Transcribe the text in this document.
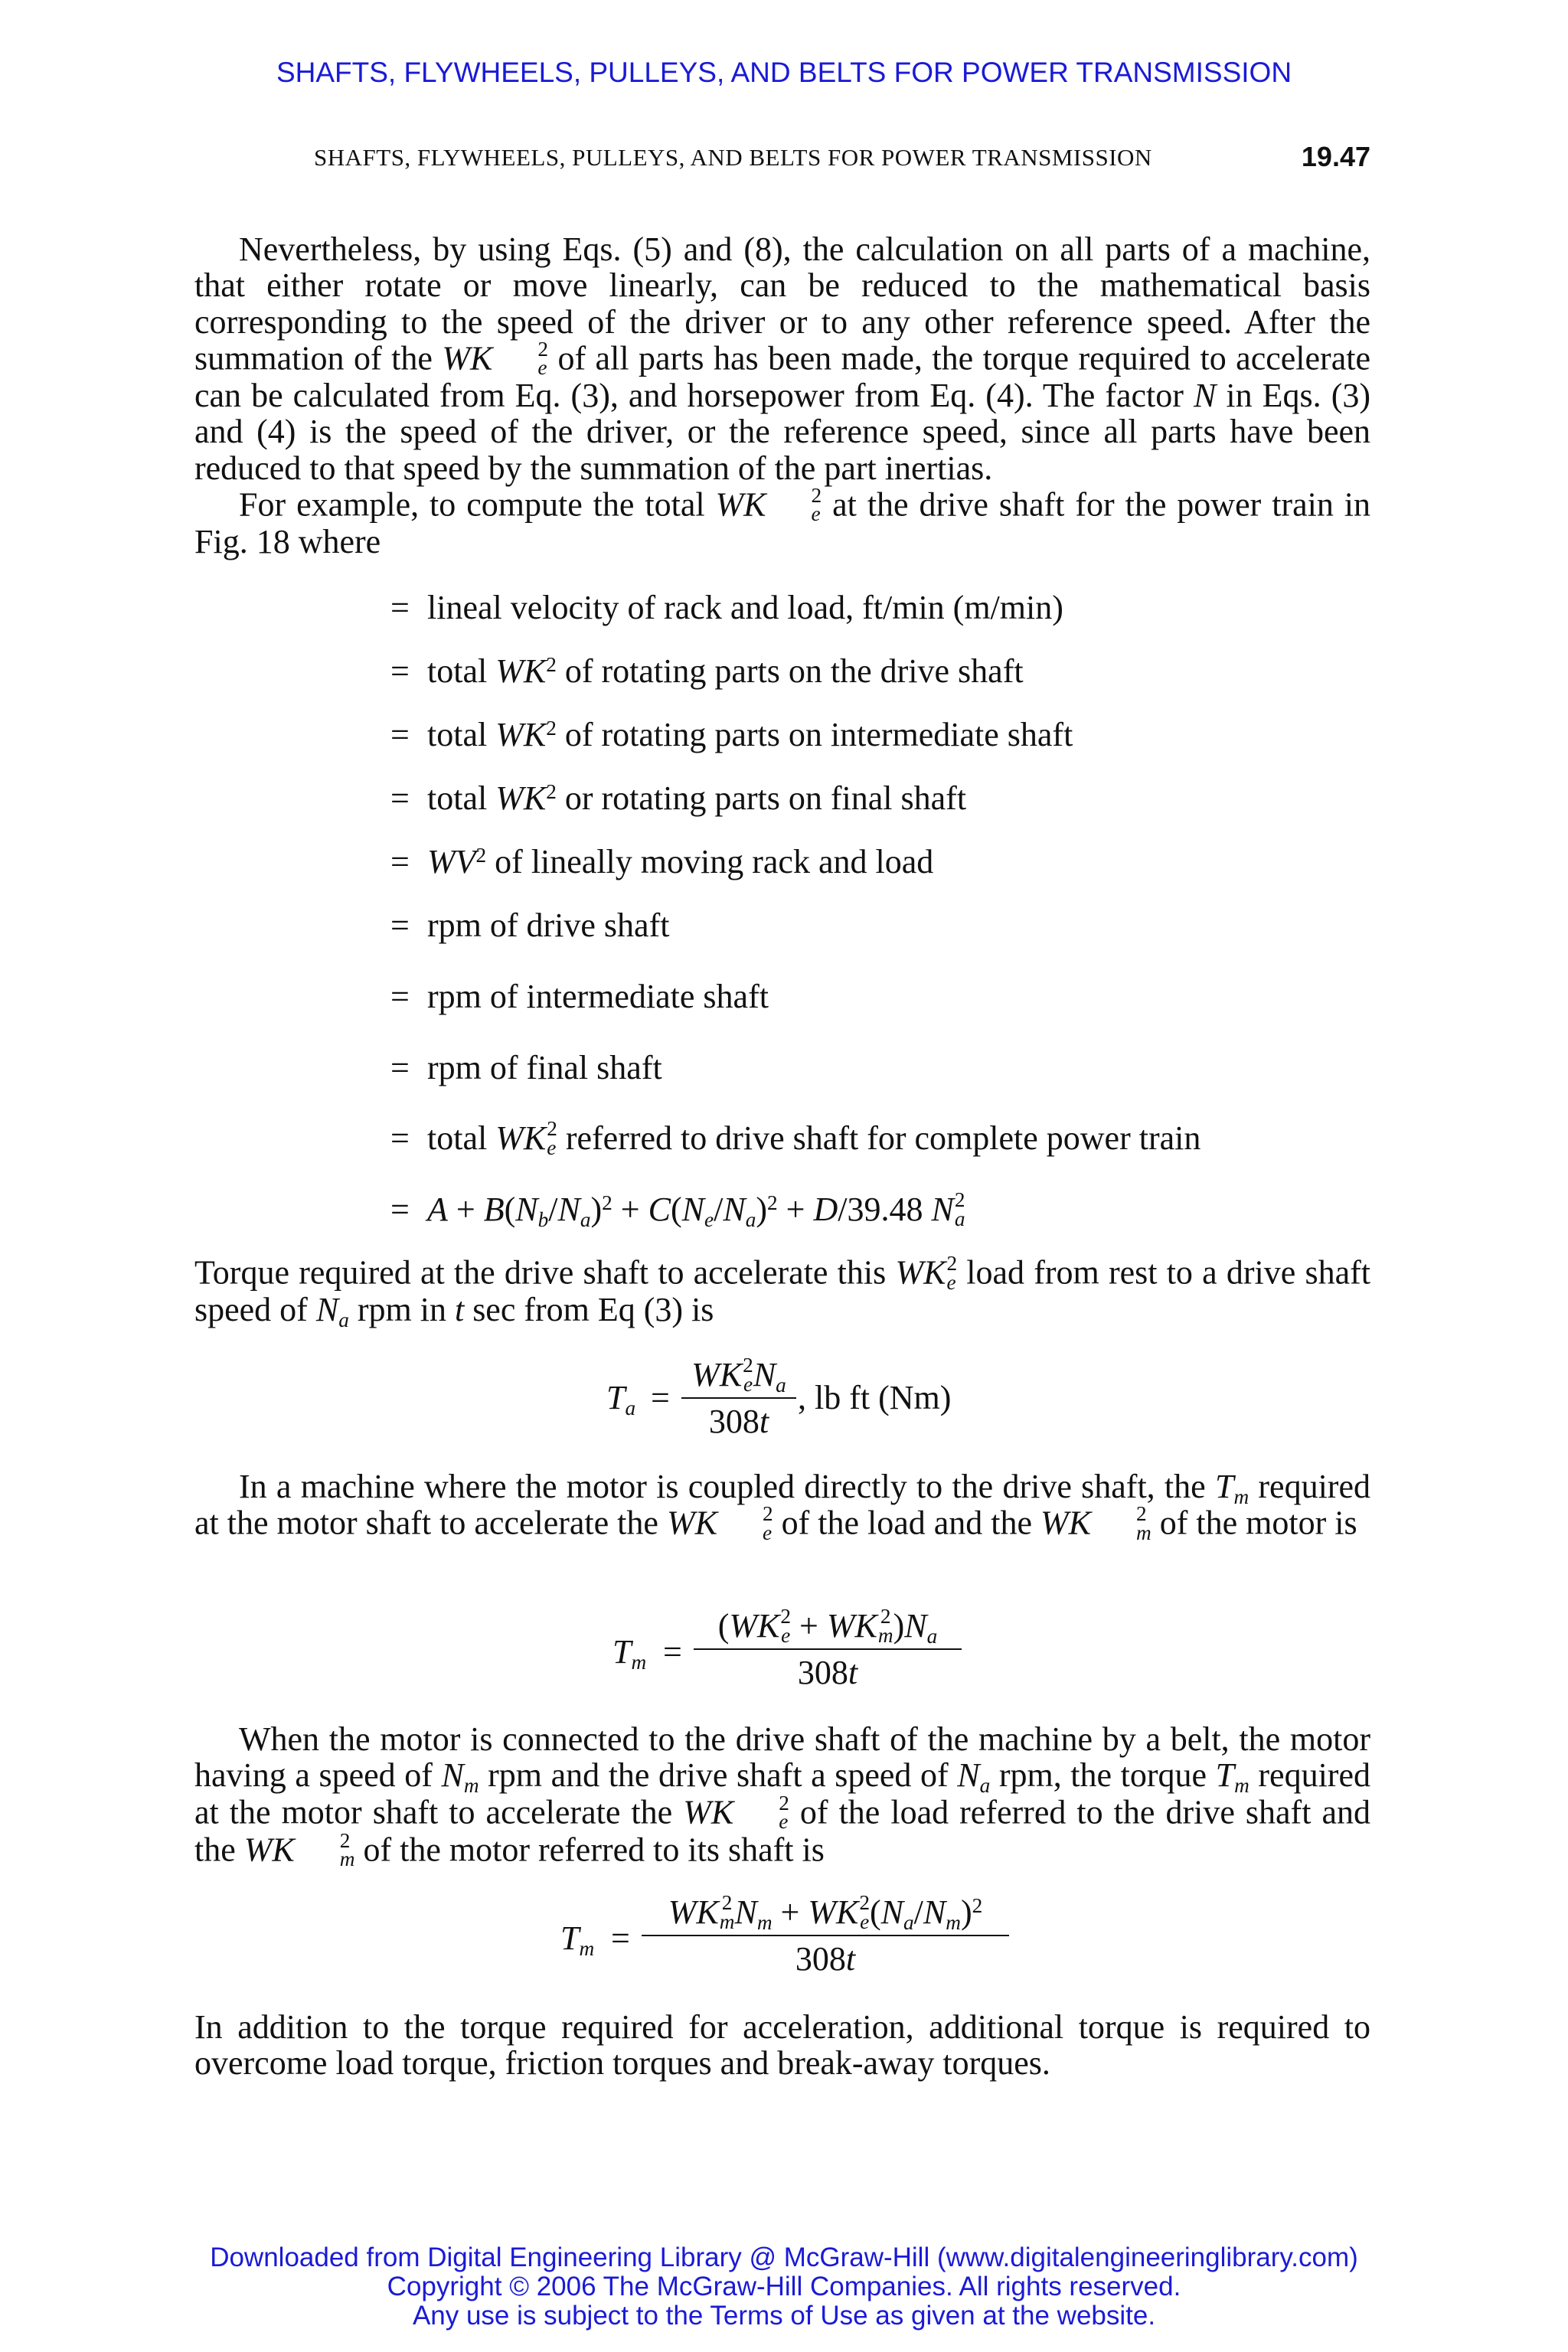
SHAFTS, FLYWHEELS, PULLEYS, AND BELTS FOR POWER TRANSMISSION
SHAFTS, FLYWHEELS, PULLEYS, AND BELTS FOR POWER TRANSMISSION	19.47

Nevertheless, by using Eqs. (5) and (8), the calculation on all parts of a machine, that either rotate or move linearly, can be reduced to the mathematical basis corresponding to the speed of the driver or to any other reference speed. After the summation of the WK	2
e of all parts has been made, the torque required to accelerate can be calculated from Eq. (3), and horsepower from Eq. (4). The factor N in Eqs. (3) and (4) is the speed of the driver, or the reference speed, since all parts have been reduced to that speed by the summation of the part inertias.

For example, to compute the total WK	2
e at the drive shaft for the power train in Fig. 18 where

= lineal velocity of rack and load, ft/min (m/min)
= total $WK^2$ of rotating parts on the drive shaft
= total $WK^2$ of rotating parts on intermediate shaft
= total $WK^2$ or rotating parts on final shaft
= $WV^2$ of lineally moving rack and load
= rpm of drive shaft
= rpm of intermediate shaft
= rpm of final shaft
= total WK 2
e referred to drive shaft for complete power train
= $A + B(N_b/N_a)^2 + C(N_e/N_a)^2 + D/39.48$ N 2
a

Torque required at the drive shaft to accelerate this WK 2
e load from rest to a drive shaft speed of $N_a$ rpm in t sec from Eq (3) is

$T_a$ =
WK 2
e $N_a$
308t
, lb ft (Nm)

In a machine where the motor is coupled directly to the drive shaft, the $T_m$ required at the motor shaft to accelerate the WK	2
e of the load and the WK	2
m of the motor is

$T_m$ =
(WK 2
e + WK 2
m )$N_a$
308t

When the motor is connected to the drive shaft of the machine by a belt, the motor having a speed of $N_m$ rpm and the drive shaft a speed of $N_a$ rpm, the torque $T_m$ required at the motor shaft to accelerate the WK	2
e of the load referred to the drive shaft and the WK	2
m of the motor referred to its shaft is

$T_m$ =
WK 2
m $N_m$ + WK 2
e $(N_a/N_m)^2$
308t

In addition to the torque required for acceleration, additional torque is required to overcome load torque, friction torques and break-away torques.

Downloaded from Digital Engineering Library @ McGraw-Hill (www.digitalengineeringlibrary.com)
Copyright © 2006 The McGraw-Hill Companies. All rights reserved.
Any use is subject to the Terms of Use as given at the website.
